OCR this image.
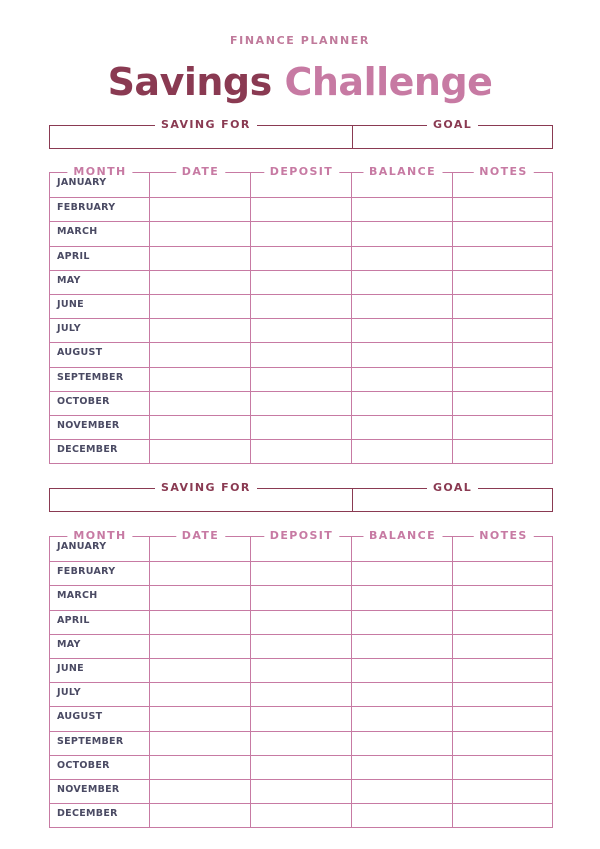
FINANCE PLANNER
Savings Challenge
SAVING FOR	GOAL
MONTH	DATE	DEPOSIT	BALANCE	NOTES
JANUARY
FEBRUARY
MARCH
APRIL
MAY
JUNE
JULY
AUGUST
SEPTEMBER
OCTOBER
NOVEMBER
DECEMBER
SAVING FOR	GOAL
MONTH	DATE	DEPOSIT	BALANCE	NOTES
JANUARY
FEBRUARY
MARCH
APRIL
MAY
JUNE
JULY
AUGUST
SEPTEMBER
OCTOBER
NOVEMBER
DECEMBER
